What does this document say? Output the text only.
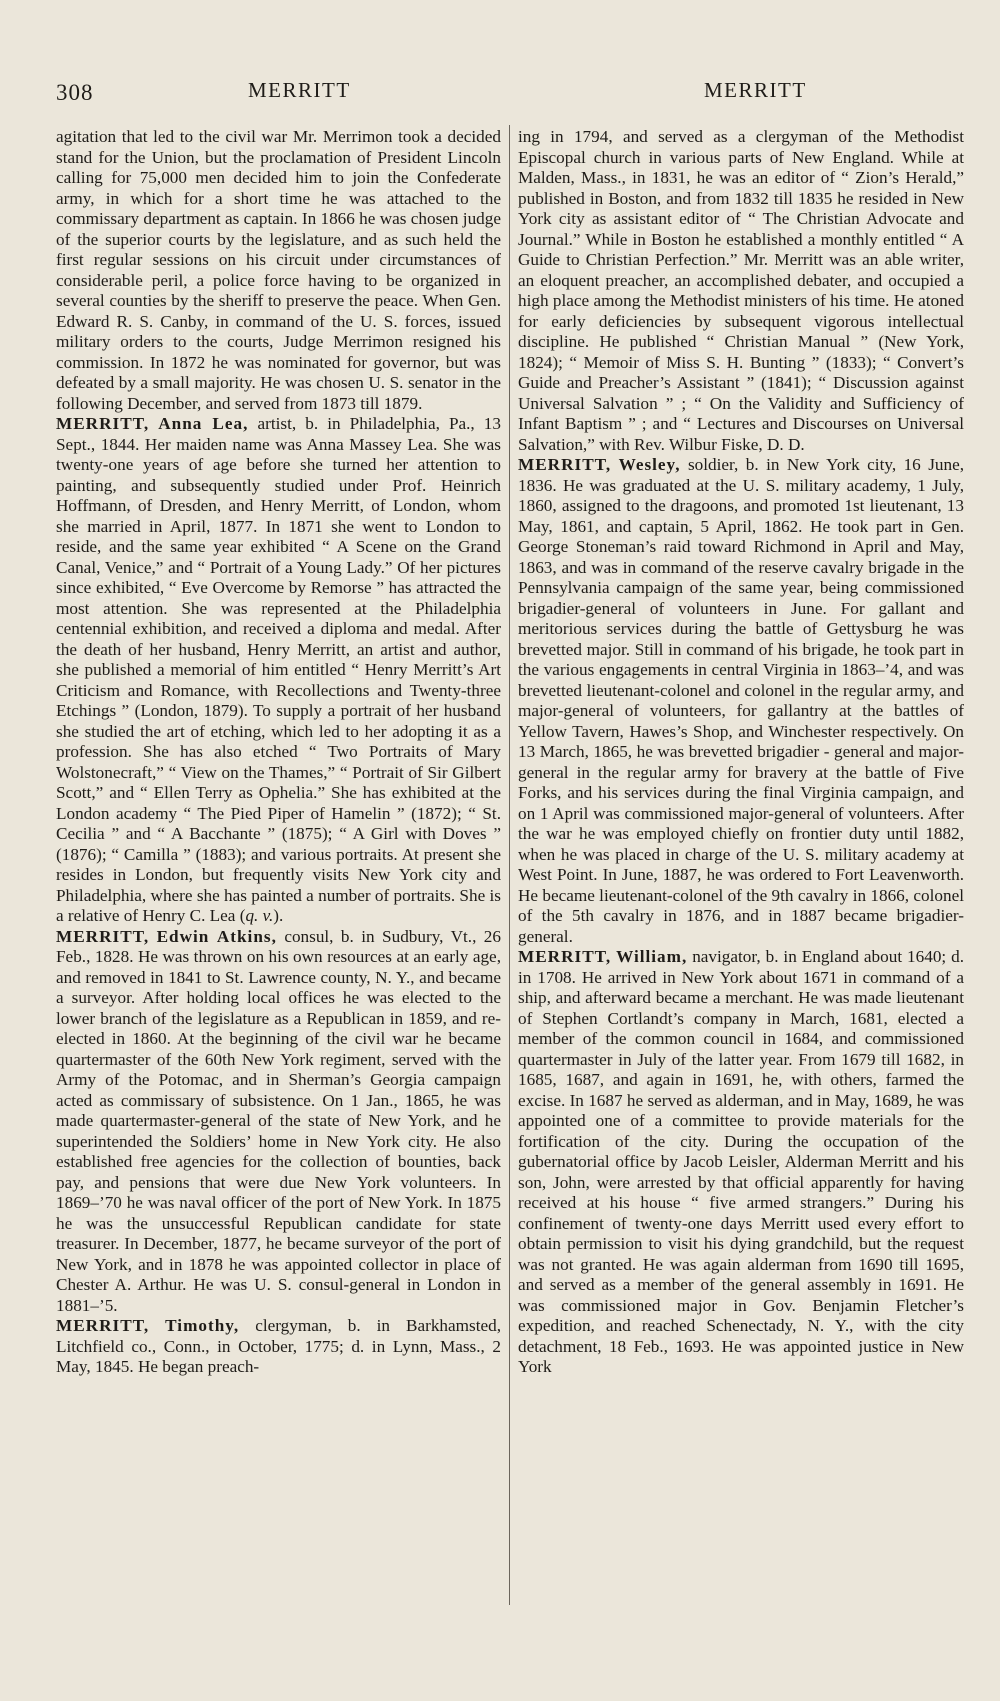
308	MERRITT	MERRITT

agitation that led to the civil war Mr. Merrimon took a decided stand for the Union, but the proclamation of President Lincoln calling for 75,000 men decided him to join the Confederate army, in which for a short time he was attached to the commissary department as captain. In 1866 he was chosen judge of the superior courts by the legislature, and as such held the first regular sessions on his circuit under circumstances of considerable peril, a police force having to be organized in several counties by the sheriff to preserve the peace. When Gen. Edward R. S. Canby, in command of the U. S. forces, issued military orders to the courts, Judge Merrimon resigned his commission. In 1872 he was nominated for governor, but was defeated by a small majority. He was chosen U. S. senator in the following December, and served from 1873 till 1879.

MERRITT, Anna Lea, artist, b. in Philadelphia, Pa., 13 Sept., 1844. Her maiden name was Anna Massey Lea. She was twenty-one years of age before she turned her attention to painting, and subsequently studied under Prof. Heinrich Hoffmann, of Dresden, and Henry Merritt, of London, whom she married in April, 1877. In 1871 she went to London to reside, and the same year exhibited “ A Scene on the Grand Canal, Venice,” and “ Portrait of a Young Lady.” Of her pictures since exhibited, “ Eve Overcome by Remorse ” has attracted the most attention. She was represented at the Philadelphia centennial exhibition, and received a diploma and medal. After the death of her husband, Henry Merritt, an artist and author, she published a memorial of him entitled “ Henry Merritt’s Art Criticism and Romance, with Recollections and Twenty-three Etchings ” (London, 1879). To supply a portrait of her husband she studied the art of etching, which led to her adopting it as a profession. She has also etched “ Two Portraits of Mary Wolstonecraft,” “ View on the Thames,” “ Portrait of Sir Gilbert Scott,” and “ Ellen Terry as Ophelia.” She has exhibited at the London academy “ The Pied Piper of Hamelin ” (1872); “ St. Cecilia ” and “ A Bacchante ” (1875); “ A Girl with Doves ” (1876); “ Camilla ” (1883); and various portraits. At present she resides in London, but frequently visits New York city and Philadelphia, where she has painted a number of portraits. She is a relative of Henry C. Lea (q. v.).

MERRITT, Edwin Atkins, consul, b. in Sudbury, Vt., 26 Feb., 1828. He was thrown on his own resources at an early age, and removed in 1841 to St. Lawrence county, N. Y., and became a surveyor. After holding local offices he was elected to the lower branch of the legislature as a Republican in 1859, and re-elected in 1860. At the beginning of the civil war he became quartermaster of the 60th New York regiment, served with the Army of the Potomac, and in Sherman’s Georgia campaign acted as commissary of subsistence. On 1 Jan., 1865, he was made quartermaster-general of the state of New York, and he superintended the Soldiers’ home in New York city. He also established free agencies for the collection of bounties, back pay, and pensions that were due New York volunteers. In 1869–’70 he was naval officer of the port of New York. In 1875 he was the unsuccessful Republican candidate for state treasurer. In December, 1877, he became surveyor of the port of New York, and in 1878 he was appointed collector in place of Chester A. Arthur. He was U. S. consul-general in London in 1881–’5.

MERRITT, Timothy, clergyman, b. in Barkhamsted, Litchfield co., Conn., in October, 1775; d. in Lynn, Mass., 2 May, 1845. He began preach-

ing in 1794, and served as a clergyman of the Methodist Episcopal church in various parts of New England. While at Malden, Mass., in 1831, he was an editor of “ Zion’s Herald,” published in Boston, and from 1832 till 1835 he resided in New York city as assistant editor of “ The Christian Advocate and Journal.” While in Boston he established a monthly entitled “ A Guide to Christian Perfection.” Mr. Merritt was an able writer, an eloquent preacher, an accomplished debater, and occupied a high place among the Methodist ministers of his time. He atoned for early deficiencies by subsequent vigorous intellectual discipline. He published “ Christian Manual ” (New York, 1824); “ Memoir of Miss S. H. Bunting ” (1833); “ Convert’s Guide and Preacher’s Assistant ” (1841); “ Discussion against Universal Salvation ” ; “ On the Validity and Sufficiency of Infant Baptism ” ; and “ Lectures and Discourses on Universal Salvation,” with Rev. Wilbur Fiske, D. D.

MERRITT, Wesley, soldier, b. in New York city, 16 June, 1836. He was graduated at the U. S. military academy, 1 July, 1860, assigned to the dragoons, and promoted 1st lieutenant, 13 May, 1861, and captain, 5 April, 1862. He took part in Gen. George Stoneman’s raid toward Richmond in April and May, 1863, and was in command of the reserve cavalry brigade in the Pennsylvania campaign of the same year, being commissioned brigadier-general of volunteers in June. For gallant and meritorious services during the battle of Gettysburg he was brevetted major. Still in command of his brigade, he took part in the various engagements in central Virginia in 1863–’4, and was brevetted lieutenant-colonel and colonel in the regular army, and major-general of volunteers, for gallantry at the battles of Yellow Tavern, Hawes’s Shop, and Winchester respectively. On 13 March, 1865, he was brevetted brigadier - general and major-general in the regular army for bravery at the battle of Five Forks, and his services during the final Virginia campaign, and on 1 April was commissioned major-general of volunteers. After the war he was employed chiefly on frontier duty until 1882, when he was placed in charge of the U. S. military academy at West Point. In June, 1887, he was ordered to Fort Leavenworth. He became lieutenant-colonel of the 9th cavalry in 1866, colonel of the 5th cavalry in 1876, and in 1887 became brigadier-general.

MERRITT, William, navigator, b. in England about 1640; d. in 1708. He arrived in New York about 1671 in command of a ship, and afterward became a merchant. He was made lieutenant of Stephen Cortlandt’s company in March, 1681, elected a member of the common council in 1684, and commissioned quartermaster in July of the latter year. From 1679 till 1682, in 1685, 1687, and again in 1691, he, with others, farmed the excise. In 1687 he served as alderman, and in May, 1689, he was appointed one of a committee to provide materials for the fortification of the city. During the occupation of the gubernatorial office by Jacob Leisler, Alderman Merritt and his son, John, were arrested by that official apparently for having received at his house “ five armed strangers.” During his confinement of twenty-one days Merritt used every effort to obtain permission to visit his dying grandchild, but the request was not granted. He was again alderman from 1690 till 1695, and served as a member of the general assembly in 1691. He was commissioned major in Gov. Benjamin Fletcher’s expedition, and reached Schenectady, N. Y., with the city detachment, 18 Feb., 1693. He was appointed justice in New York
